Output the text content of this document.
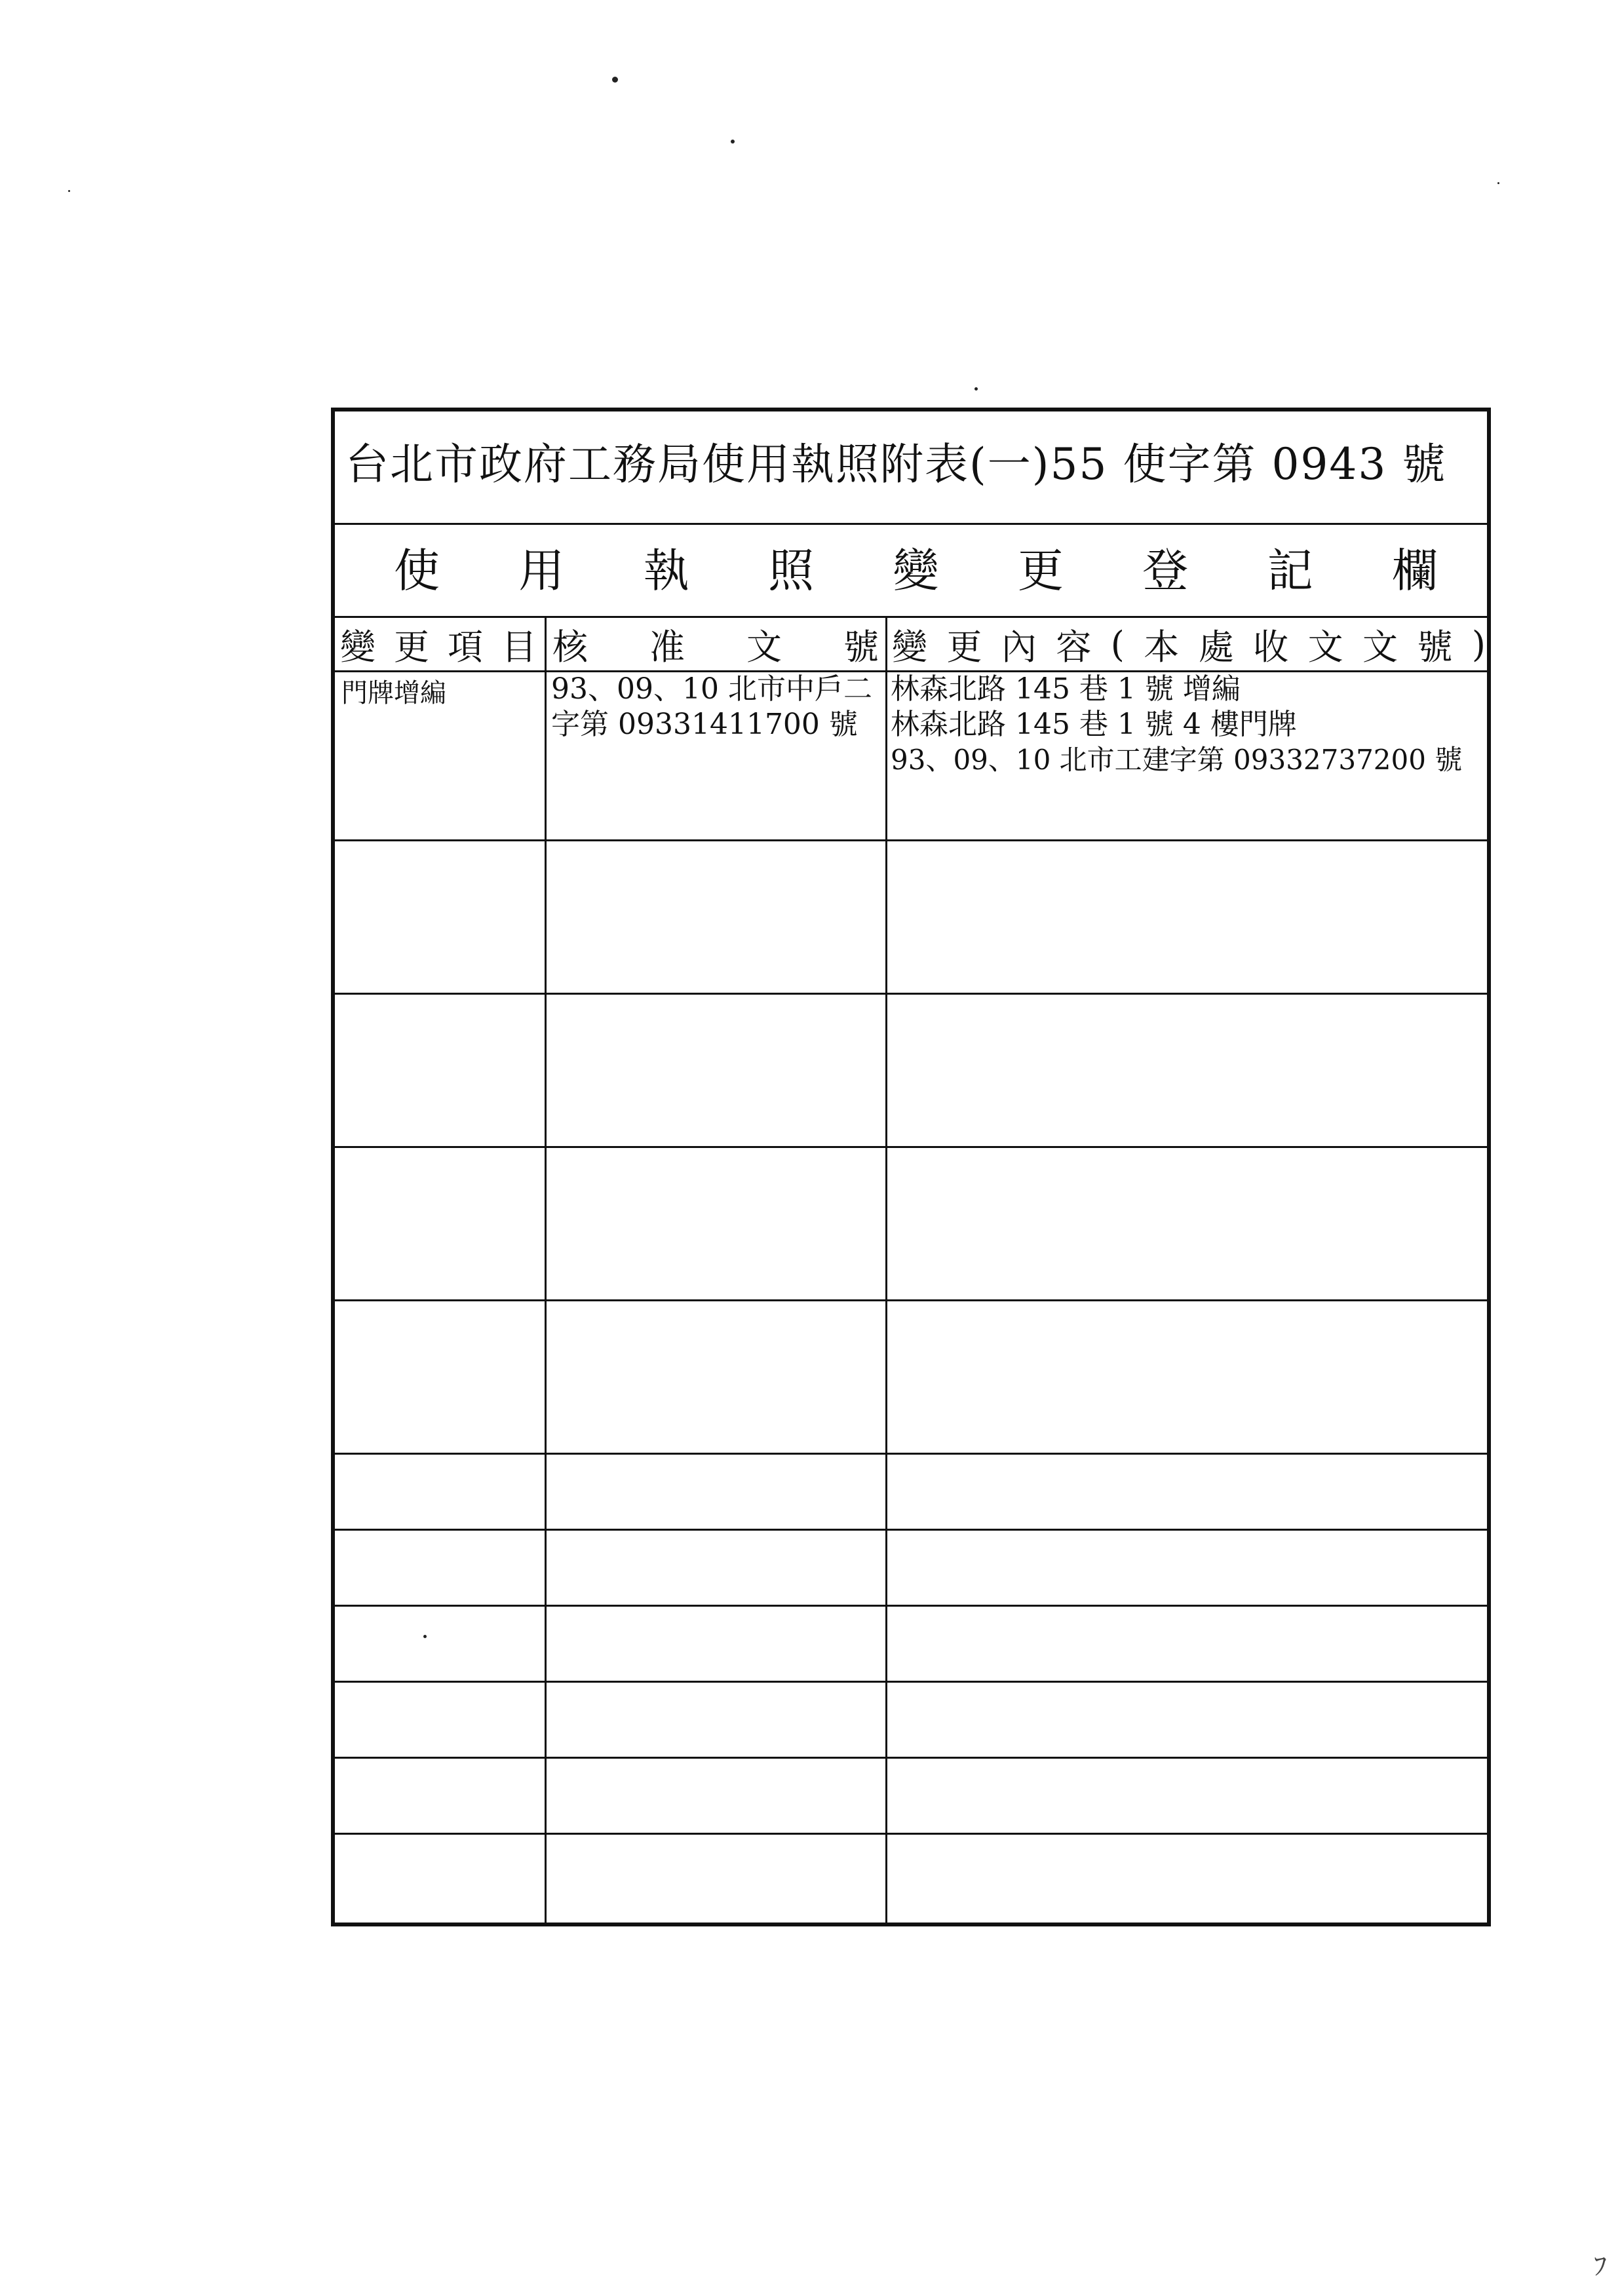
台北市政府工務局使用執照附表(一)55 使字第 0943 號
使 用 執 照 變 更 登 記 欄
變 更 項 目 核 准 文 號 變 更 內 容 ( 本 處 收 文 文 號 )
門牌增編	93、09、10 北市中戶二
字第 09331411700 號
林森北路 145 巷 1 號 增編
林森北路 145 巷 1 號 4 樓門牌
93、09、10 北市工建字第 09332737200 號
ﾌ
